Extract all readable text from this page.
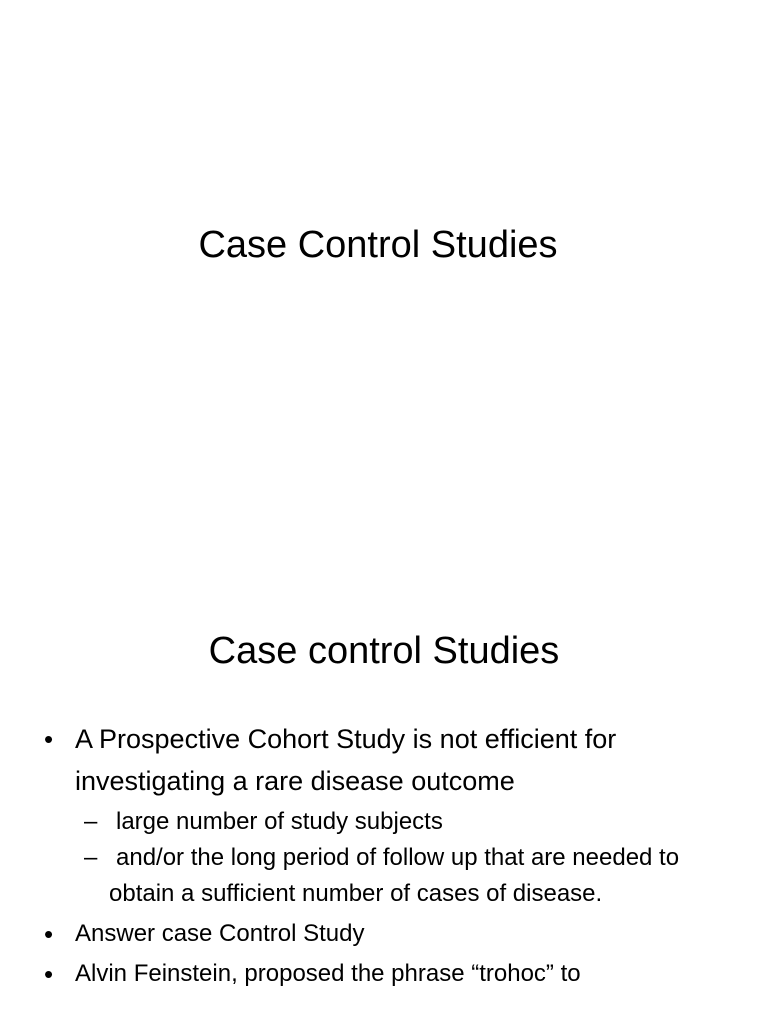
Case Control Studies
Case control Studies
• A Prospective Cohort Study is not efficient for investigating a rare disease outcome
– large number of study subjects
– and/or the long period of follow up that are needed to obtain a sufficient number of cases of disease.
• Answer case Control Study
• Alvin Feinstein, proposed the phrase “trohoc” to
